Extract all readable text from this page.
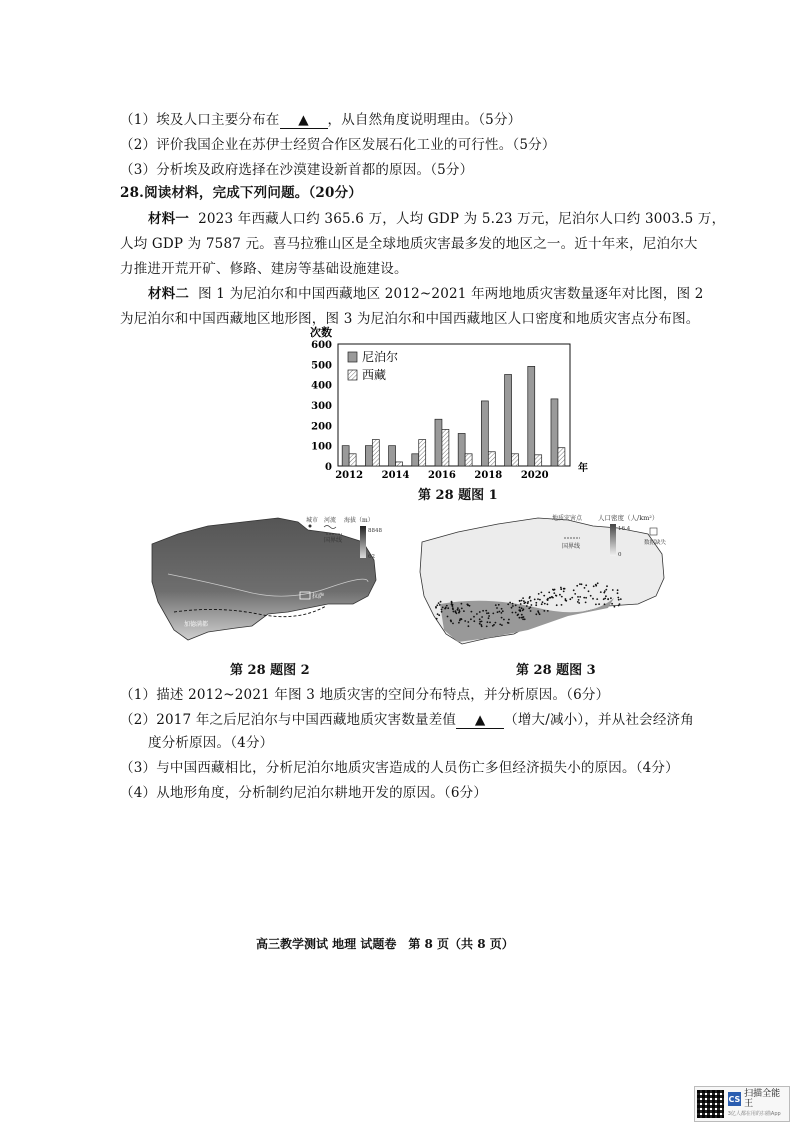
（1）埃及人口主要分布在 ▲ ，从自然角度说明理由。（5分）
（2）评价我国企业在苏伊士经贸合作区发展石化工业的可行性。（5分）
（3）分析埃及政府选择在沙漠建设新首都的原因。（5分）
28.阅读材料，完成下列问题。（20分）
材料一 2023 年西藏人口约 365.6 万，人均 GDP 为 5.23 万元，尼泊尔人口约 3003.5 万，
人均 GDP 为 7587 元。喜马拉雅山区是全球地质灾害最多发的地区之一。近十年来，尼泊尔大
力推进开荒开矿、修路、建房等基础设施建设。
材料二 图 1 为尼泊尔和中国西藏地区 2012~2021 年两地地质灾害数量逐年对比图，图 2
为尼泊尔和中国西藏地区地形图，图 3 为尼泊尔和中国西藏地区人口密度和地质灾害点分布图。
次数
0
100
200
300
400
500
600
2012 2014 2016 2018 2020
年
尼泊尔
西藏
第 28 题图 1
拉萨
加德满都
城市 河流 海拔（m）
8848
62
国界线
第 28 题图 2
地质灾害点 人口密度（人/km²）
16.4
0
数据缺失
国界线
第 28 题图 3
（1）描述 2012~2021 年图 3 地质灾害的空间分布特点，并分析原因。（6分）
（2）2017 年之后尼泊尔与中国西藏地质灾害数量差值 ▲ （增大/减小），并从社会经济角
度分析原因。（4分）
（3）与中国西藏相比，分析尼泊尔地质灾害造成的人员伤亡多但经济损失小的原因。（4分）
（4）从地形角度，分析制约尼泊尔耕地开发的原因。（6分）
高三教学测试 地理 试题卷　第 8 页（共 8 页）
CS 扫描全能王
3亿人都在用的扫描App
